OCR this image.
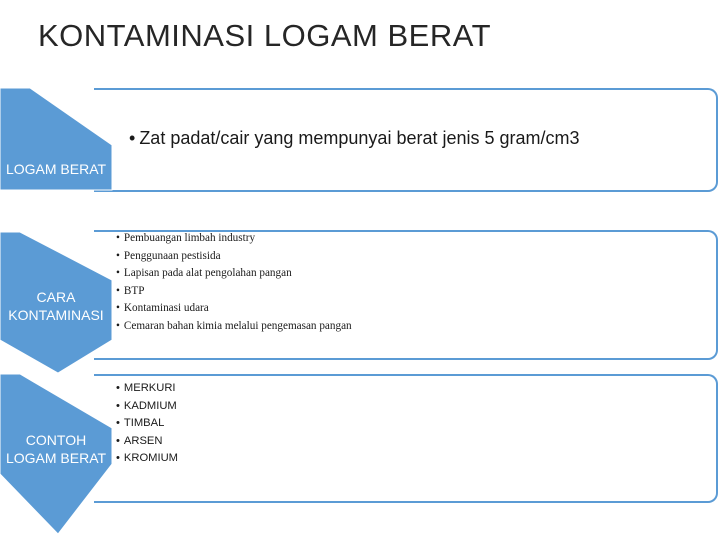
KONTAMINASI LOGAM BERAT
LOGAM BERAT
CARA
KONTAMINASI
CONTOH
LOGAM BERAT
• Zat padat/cair yang mempunyai berat jenis 5 gram/cm3
• Pembuangan limbah industry
• Penggunaan pestisida
• Lapisan pada alat pengolahan pangan
• BTP
• Kontaminasi udara
• Cemaran bahan kimia melalui pengemasan pangan
• MERKURI
• KADMIUM
• TIMBAL
• ARSEN
• KROMIUM
